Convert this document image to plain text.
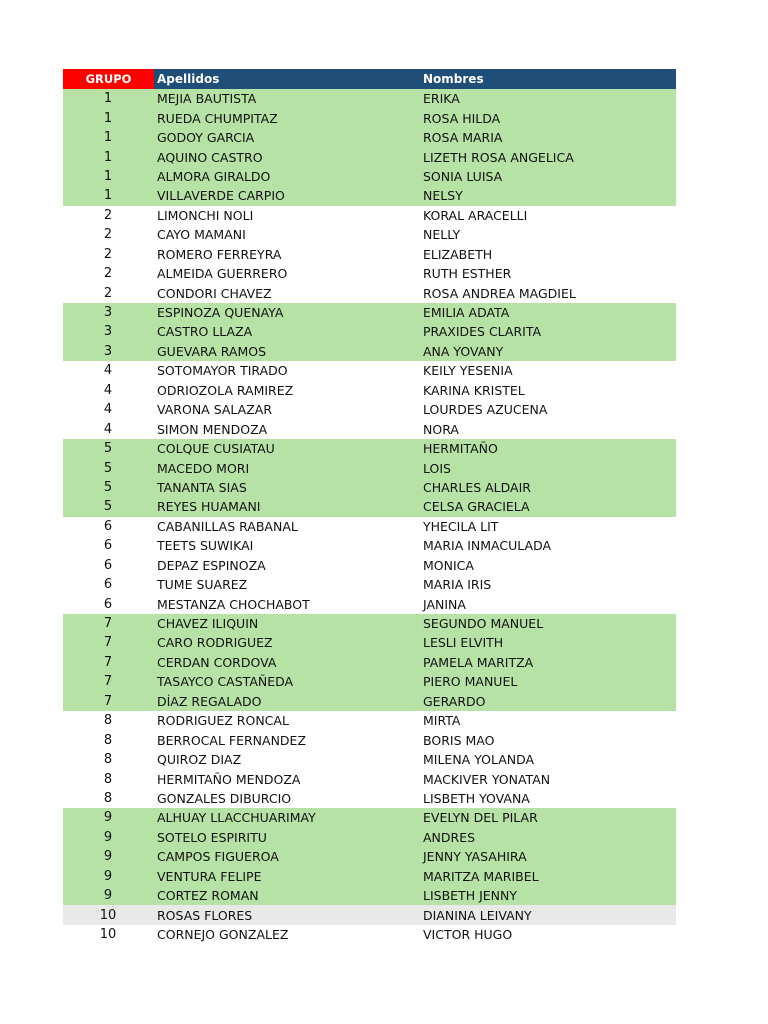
GRUPO	Apellidos	Nombres
1	MEJIA BAUTISTA	ERIKA
1	RUEDA CHUMPITAZ	ROSA HILDA
1	GODOY GARCIA	ROSA MARIA
1	AQUINO CASTRO	LIZETH ROSA ANGELICA
1	ALMORA GIRALDO	SONIA LUISA
1	VILLAVERDE CARPIO	NELSY
2	LIMONCHI NOLI	KORAL ARACELLI
2	CAYO MAMANI	NELLY
2	ROMERO FERREYRA	ELIZABETH
2	ALMEIDA GUERRERO	RUTH ESTHER
2	CONDORI CHAVEZ	ROSA ANDREA MAGDIEL
3	ESPINOZA QUENAYA	EMILIA ADATA
3	CASTRO LLAZA	PRAXIDES CLARITA
3	GUEVARA RAMOS	ANA YOVANY
4	SOTOMAYOR TIRADO	KEILY YESENIA
4	ODRIOZOLA RAMIREZ	KARINA KRISTEL
4	VARONA SALAZAR	LOURDES AZUCENA
4	SIMON MENDOZA	NORA
5	COLQUE CUSIATAU	HERMITAÑO
5	MACEDO MORI	LOIS
5	TANANTA SIAS	CHARLES ALDAIR
5	REYES HUAMANI	CELSA GRACIELA
6	CABANILLAS RABANAL	YHECILA LIT
6	TEETS SUWIKAI	MARIA INMACULADA
6	DEPAZ ESPINOZA	MONICA
6	TUME SUAREZ	MARIA IRIS
6	MESTANZA CHOCHABOT	JANINA
7	CHAVEZ ILIQUIN	SEGUNDO MANUEL
7	CARO RODRIGUEZ	LESLI ELVITH
7	CERDAN CORDOVA	PAMELA MARITZA
7	TASAYCO CASTAÑEDA	PIERO MANUEL
7	DÍAZ REGALADO	GERARDO
8	RODRIGUEZ RONCAL	MIRTA
8	BERROCAL FERNANDEZ	BORIS MAO
8	QUIROZ DIAZ	MILENA YOLANDA
8	HERMITAÑO MENDOZA	MACKIVER YONATAN
8	GONZALES DIBURCIO	LISBETH YOVANA
9	ALHUAY LLACCHUARIMAY	EVELYN DEL PILAR
9	SOTELO ESPIRITU	ANDRES
9	CAMPOS FIGUEROA	JENNY YASAHIRA
9	VENTURA FELIPE	MARITZA MARIBEL
9	CORTEZ ROMAN	LISBETH JENNY
10	ROSAS FLORES	DIANINA LEIVANY
10	CORNEJO GONZALEZ	VICTOR HUGO
